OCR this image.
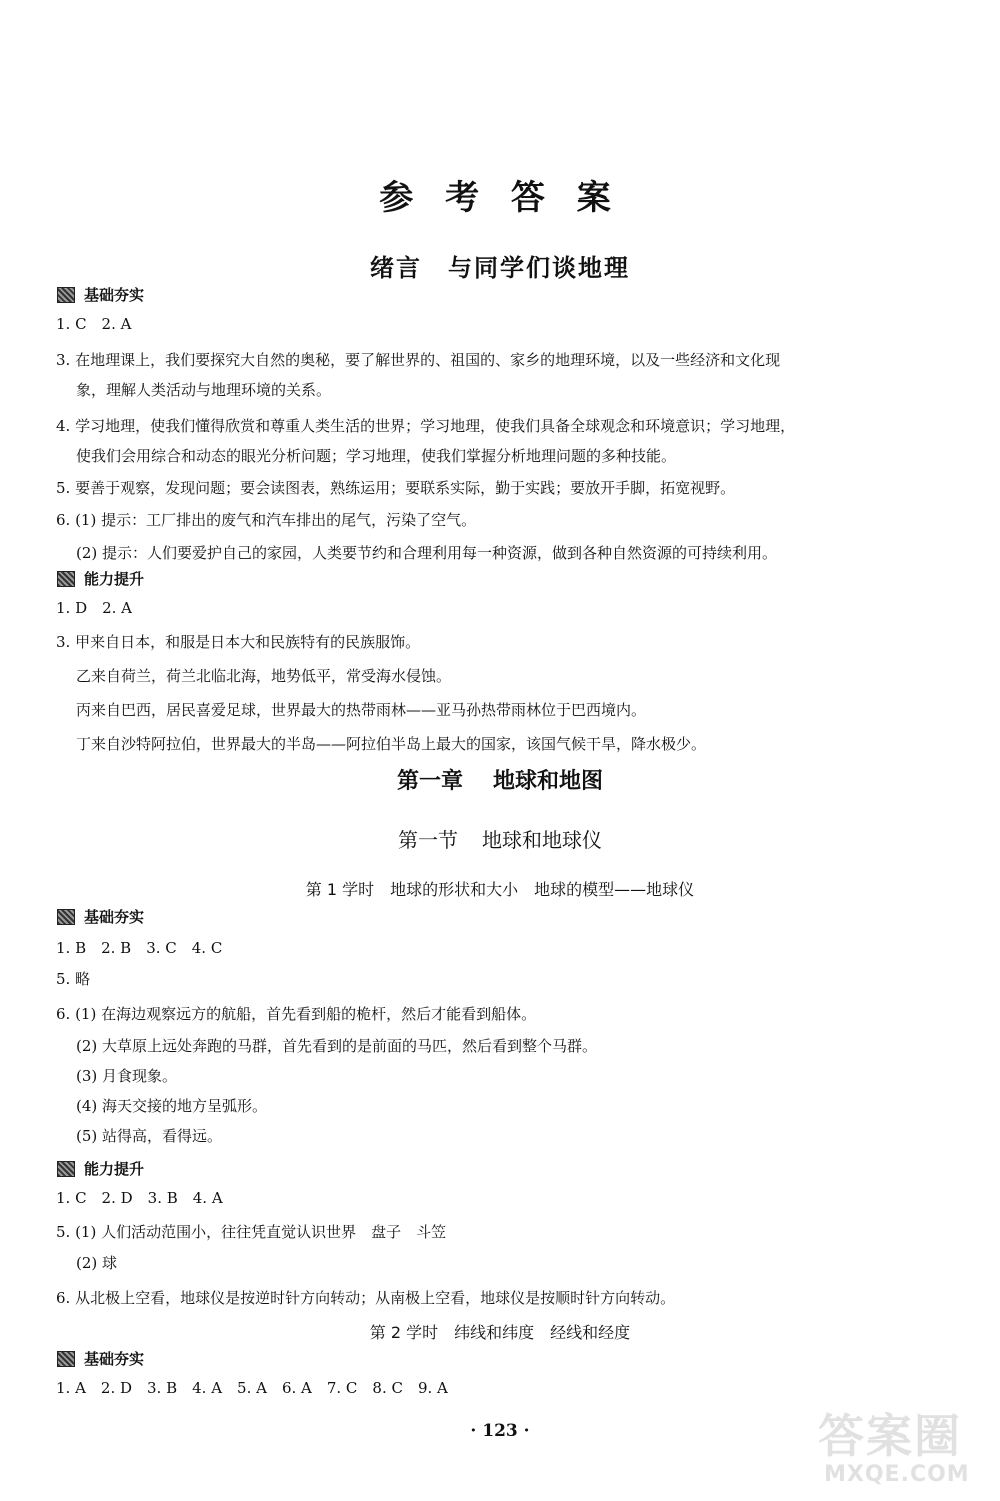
参 考 答 案
绪言 与同学们谈地理
基础夯实
1. C　2. A
3. 在地理课上，我们要探究大自然的奥秘，要了解世界的、祖国的、家乡的地理环境，以及一些经济和文化现
象，理解人类活动与地理环境的关系。
4. 学习地理，使我们懂得欣赏和尊重人类生活的世界；学习地理，使我们具备全球观念和环境意识；学习地理，
使我们会用综合和动态的眼光分析问题；学习地理，使我们掌握分析地理问题的多种技能。
5. 要善于观察，发现问题；要会读图表，熟练运用；要联系实际，勤于实践；要放开手脚，拓宽视野。
6. (1) 提示：工厂排出的废气和汽车排出的尾气，污染了空气。
(2) 提示：人们要爱护自己的家园，人类要节约和合理利用每一种资源，做到各种自然资源的可持续利用。
能力提升
1. D　2. A
3. 甲来自日本，和服是日本大和民族特有的民族服饰。
乙来自荷兰，荷兰北临北海，地势低平，常受海水侵蚀。
丙来自巴西，居民喜爱足球，世界最大的热带雨林——亚马孙热带雨林位于巴西境内。
丁来自沙特阿拉伯，世界最大的半岛——阿拉伯半岛上最大的国家，该国气候干旱，降水极少。
第一章 地球和地图
第一节 地球和地球仪
第 1 学时 地球的形状和大小 地球的模型——地球仪
基础夯实
1. B　2. B　3. C　4. C
5. 略
6. (1) 在海边观察远方的航船，首先看到船的桅杆，然后才能看到船体。
(2) 大草原上远处奔跑的马群，首先看到的是前面的马匹，然后看到整个马群。
(3) 月食现象。
(4) 海天交接的地方呈弧形。
(5) 站得高，看得远。
能力提升
1. C　2. D　3. B　4. A
5. (1) 人们活动范围小，往往凭直觉认识世界　盘子　斗笠
(2) 球
6. 从北极上空看，地球仪是按逆时针方向转动；从南极上空看，地球仪是按顺时针方向转动。
第 2 学时 纬线和纬度 经线和经度
基础夯实
1. A　2. D　3. B　4. A　5. A　6. A　7. C　8. C　9. A
· 123 ·	答案圈
MXQE.COM
